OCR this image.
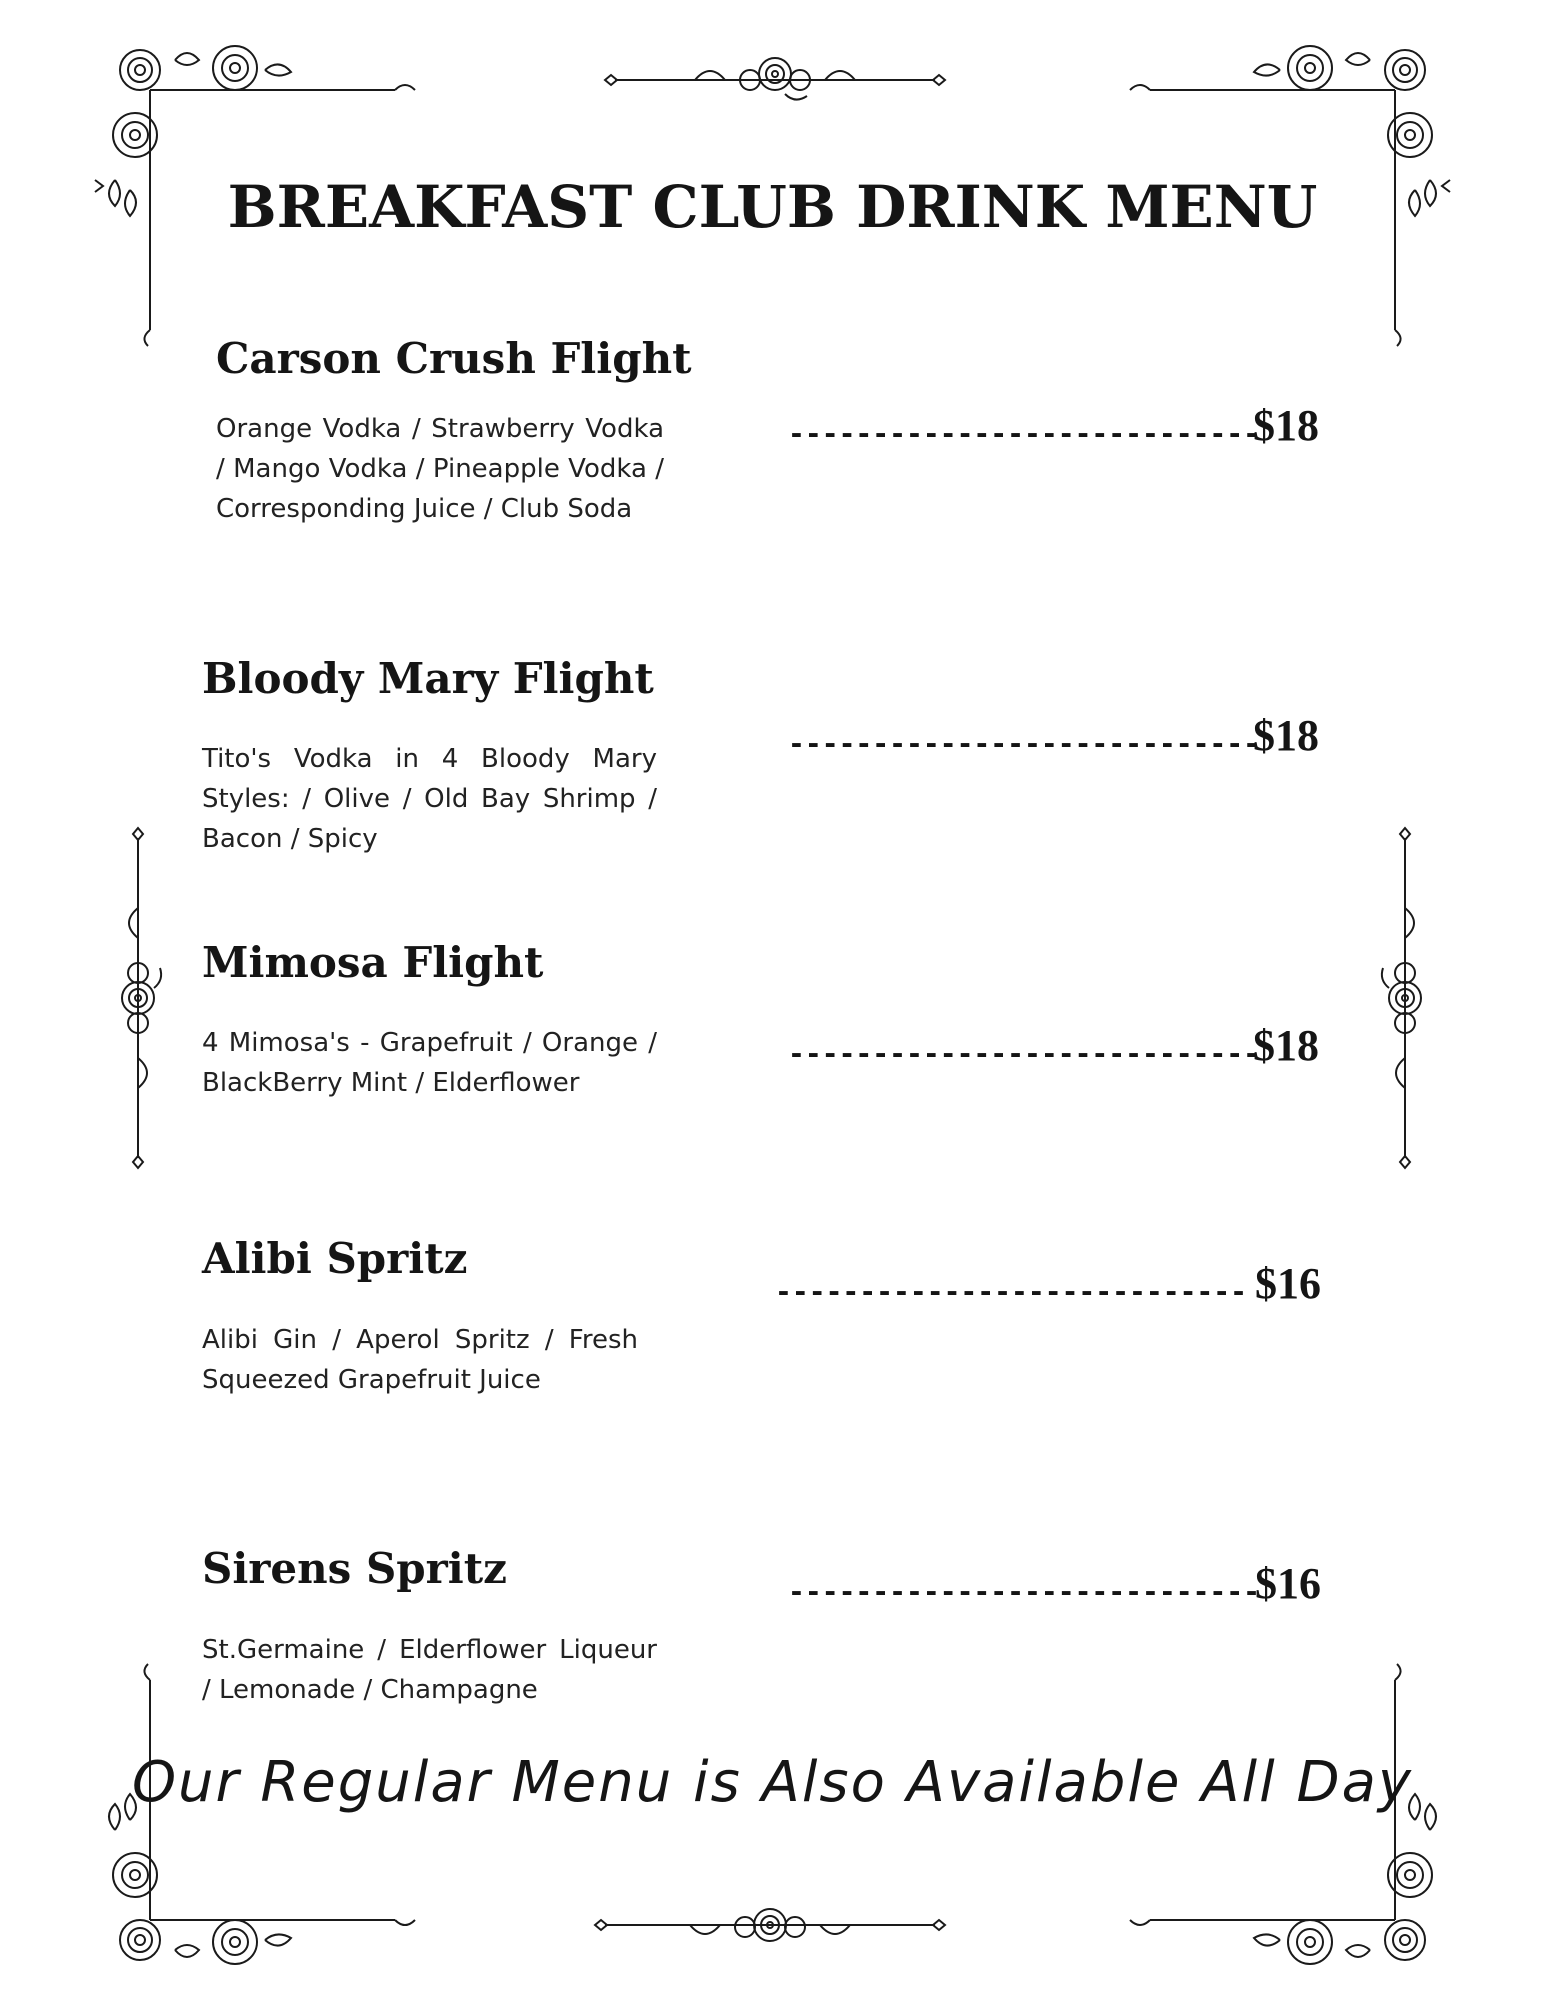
BREAKFAST CLUB DRINK MENU
Carson Crush Flight

Orange Vodka / Strawberry Vodka / Mango Vodka / Pineapple Vodka / Corresponding Juice / Club Soda

----------------------------
$18
Bloody Mary Flight

Tito's Vodka in 4 Bloody Mary Styles: / Olive / Old Bay Shrimp / Bacon / Spicy

----------------------------
$18
Mimosa Flight

4 Mimosa's - Grapefruit / Orange / BlackBerry Mint / Elderflower

----------------------------
$18
Alibi Spritz

Alibi Gin / Aperol Spritz / Fresh Squeezed Grapefruit Juice

---------------------------- $16
Sirens Spritz

St.Germaine / Elderflower Liqueur / Lemonade / Champagne

----------------------------
$16
Our Regular Menu is Also Available All Day
